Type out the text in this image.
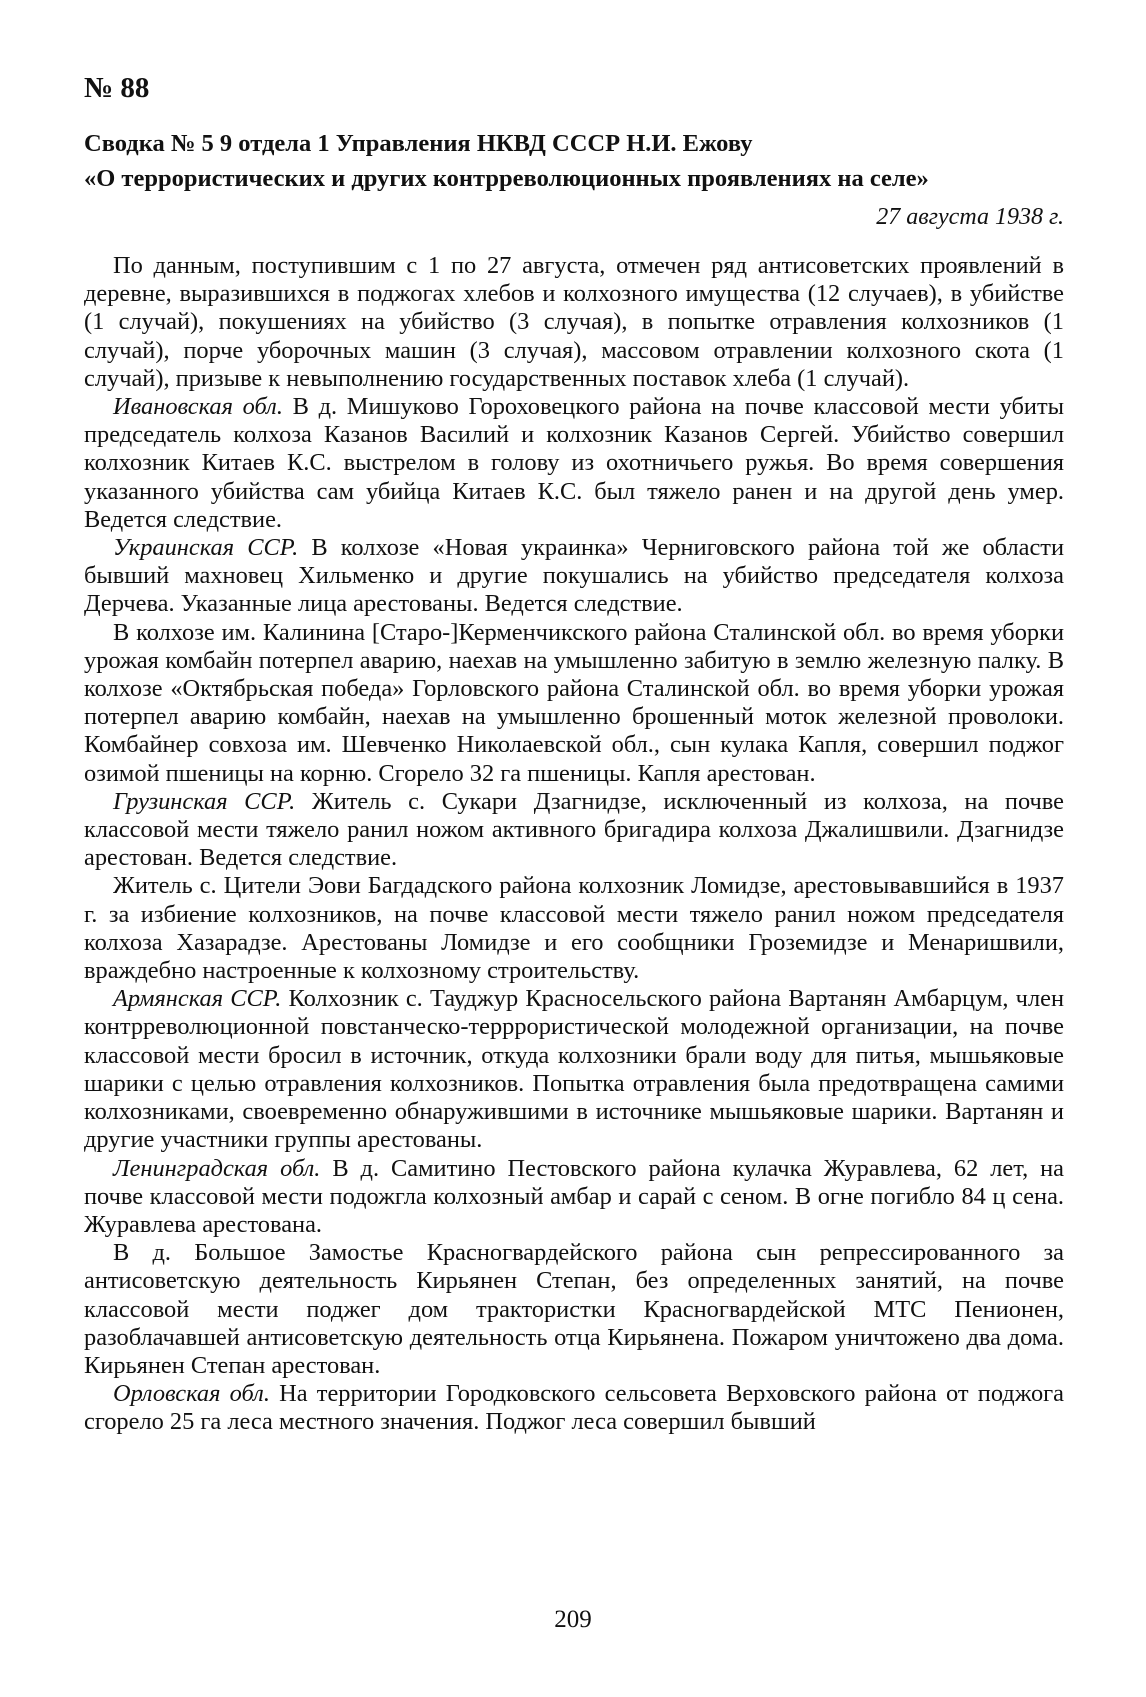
№ 88
Сводка № 5 9 отдела 1 Управления НКВД СССР Н.И. Ежову
«О террористических и других контрреволюционных проявлениях на селе»
27 августа 1938 г.

По данным, поступившим с 1 по 27 августа, отмечен ряд антисоветских проявлений в деревне, выразившихся в поджогах хлебов и колхозного имущества (12 случаев), в убийстве (1 случай), покушениях на убийство (3 случая), в попытке отравления колхозников (1 случай), порче уборочных машин (3 случая), массовом отравлении колхозного скота (1 случай), призыве к невыполнению государственных поставок хлеба (1 случай).

Ивановская обл. В д. Мишуково Гороховецкого района на почве классовой мести убиты председатель колхоза Казанов Василий и колхозник Казанов Сергей. Убийство совершил колхозник Китаев К.С. выстрелом в голову из охотничьего ружья. Во время совершения указанного убийства сам убийца Китаев К.С. был тяжело ранен и на другой день умер. Ведется следствие.

Украинская ССР. В колхозе «Новая украинка» Черниговского района той же области бывший махновец Хильменко и другие покушались на убийство председателя колхоза Дерчева. Указанные лица арестованы. Ведется следствие.

В колхозе им. Калинина [Старо-]Керменчикского района Сталинской обл. во время уборки урожая комбайн потерпел аварию, наехав на умышленно забитую в землю железную палку. В колхозе «Октябрьская победа» Горловского района Сталинской обл. во время уборки урожая потерпел аварию комбайн, наехав на умышленно брошенный моток железной проволоки. Комбайнер совхоза им. Шевченко Николаевской обл., сын кулака Капля, совершил поджог озимой пшеницы на корню. Сгорело 32 га пшеницы. Капля арестован.

Грузинская ССР. Житель с. Сукари Дзагнидзе, исключенный из колхоза, на почве классовой мести тяжело ранил ножом активного бригадира колхоза Джалишвили. Дзагнидзе арестован. Ведется следствие.

Житель с. Цители Эови Багдадского района колхозник Ломидзе, арестовывавшийся в 1937 г. за избиение колхозников, на почве классовой мести тяжело ранил ножом председателя колхоза Хазарадзе. Арестованы Ломидзе и его сообщники Гроземидзе и Менаришвили, враждебно настроенные к колхозному строительству.

Армянская ССР. Колхозник с. Тауджур Красносельского района Вартанян Амбарцум, член контрреволюционной повстанческо-терррористической молодежной организации, на почве классовой мести бросил в источник, откуда колхозники брали воду для питья, мышьяковые шарики с целью отравления колхозников. Попытка отравления была предотвращена самими колхозниками, своевременно обнаружившими в источнике мышьяковые шарики. Вартанян и другие участники группы арестованы.

Ленинградская обл. В д. Самитино Пестовского района кулачка Журавлева, 62 лет, на почве классовой мести подожгла колхозный амбар и сарай с сеном. В огне погибло 84 ц сена. Журавлева арестована.

В д. Большое Замостье Красногвардейского района сын репрессированного за антисоветскую деятельность Кирьянен Степан, без определенных занятий, на почве классовой мести поджег дом трактористки Красногвардейской МТС Пенионен, разоблачавшей антисоветскую деятельность отца Кирьянена. Пожаром уничтожено два дома. Кирьянен Степан арестован.

Орловская обл. На территории Городковского сельсовета Верховского района от поджога сгорело 25 га леса местного значения. Поджог леса совершил бывший

209
